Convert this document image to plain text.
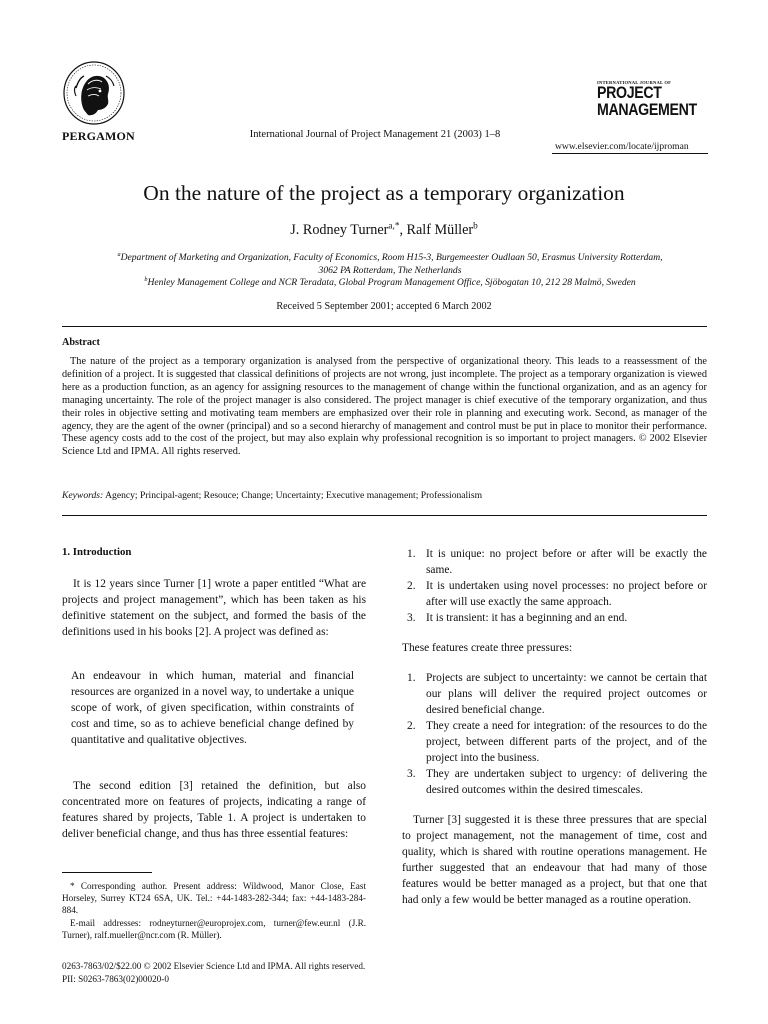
PERGAMON	International Journal of Project Management 21 (2003) 1–8
INTERNATIONAL JOURNAL OF
PROJECT
MANAGEMENT
www.elsevier.com/locate/ijproman
On the nature of the project as a temporary organization
J. Rodney Turner$^{a,*}$, Ralf Müller$^b$

$^a$Department of Marketing and Organization, Faculty of Economics, Room H15-3, Burgemeester Oudlaan 50, Erasmus University Rotterdam,

3062 PA Rotterdam, The Netherlands

$^b$Henley Management College and NCR Teradata, Global Program Management Office, Sjöbogatan 10, 212 28 Malmö, Sweden

Received 5 September 2001; accepted 6 March 2002
Abstract
The nature of the project as a temporary organization is analysed from the perspective of organizational theory. This leads to a reassessment of the definition of a project. It is suggested that classical definitions of projects are not wrong, just incomplete. The project as a temporary organization is viewed here as a production function, as an agency for assigning resources to the management of change within the functional organization, and as an agency for managing uncertainty. The role of the project manager is also considered. The project manager is chief executive of the temporary organization, and thus their roles in objective setting and motivating team members are emphasized over their role in planning and executing work. Second, as manager of the agency, they are the agent of the owner (principal) and so a second hierarchy of management and control must be put in place to monitor their performance. These agency costs add to the cost of the project, but may also explain why professional recognition is so important to project managers. © 2002 Elsevier Science Ltd and IPMA. All rights reserved.
Keywords: Agency; Principal-agent; Resouce; Change; Uncertainty; Executive management; Professionalism
1. Introduction

It is 12 years since Turner [1] wrote a paper entitled “What are projects and project management”, which has been taken as his definitive statement on the subject, and formed the basis of the definitions used in his books [2]. A project was defined as:

An endeavour in which human, material and financial resources are organized in a novel way, to undertake a unique scope of work, of given specification, within constraints of cost and time, so as to achieve beneficial change defined by quantitative and qualitative objectives.

The second edition [3] retained the definition, but also concentrated more on features of projects, indicating a range of features shared by projects, Table 1. A project is undertaken to deliver beneficial change, and thus has three essential features:

* Corresponding author. Present address: Wildwood, Manor Close, East Horseley, Surrey KT24 6SA, UK. Tel.: +44-1483-282-344; fax: +44-1483-284-884.

E-mail addresses: rodneyturner@europrojex.com, turner@few.eur.nl (J.R. Turner), ralf.mueller@ncr.com (R. Müller).

0263-7863/02/$22.00 © 2002 Elsevier Science Ltd and IPMA. All rights reserved.
PII: S0263-7863(02)00020-0
1. It is unique: no project before or after will be exactly the same.
2. It is undertaken using novel processes: no project before or after will use exactly the same approach.
3. It is transient: it has a beginning and an end.

These features create three pressures:

1. Projects are subject to uncertainty: we cannot be certain that our plans will deliver the required project outcomes or desired beneficial change.
2. They create a need for integration: of the resources to do the project, between different parts of the project, and of the project into the business.
3. They are undertaken subject to urgency: of delivering the desired outcomes within the desired timescales.

Turner [3] suggested it is these three pressures that are special to project management, not the management of time, cost and quality, which is shared with routine operations management. He further suggested that an endeavour that had many of those features would be better managed as a project, but that one that had only a few would be better managed as a routine operation.
